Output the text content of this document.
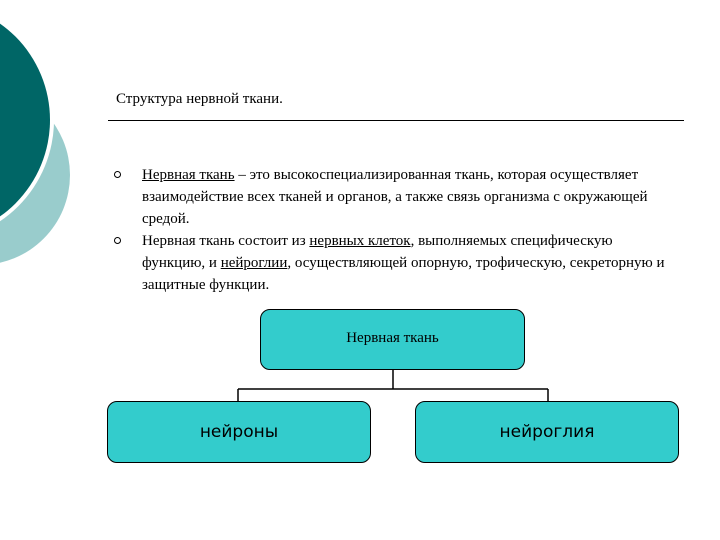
Структура нервной ткани.
Нервная ткань – это высокоспециализированная ткань, которая осуществляет взаимодействие всех тканей и органов, а также связь организма с окружающей средой.
Нервная ткань состоит из нервных клеток, выполняемых специфическую функцию, и нейроглии, осуществляющей опорную, трофическую, секреторную и защитные функции.
Нервная ткань
нейроны	нейроглия
